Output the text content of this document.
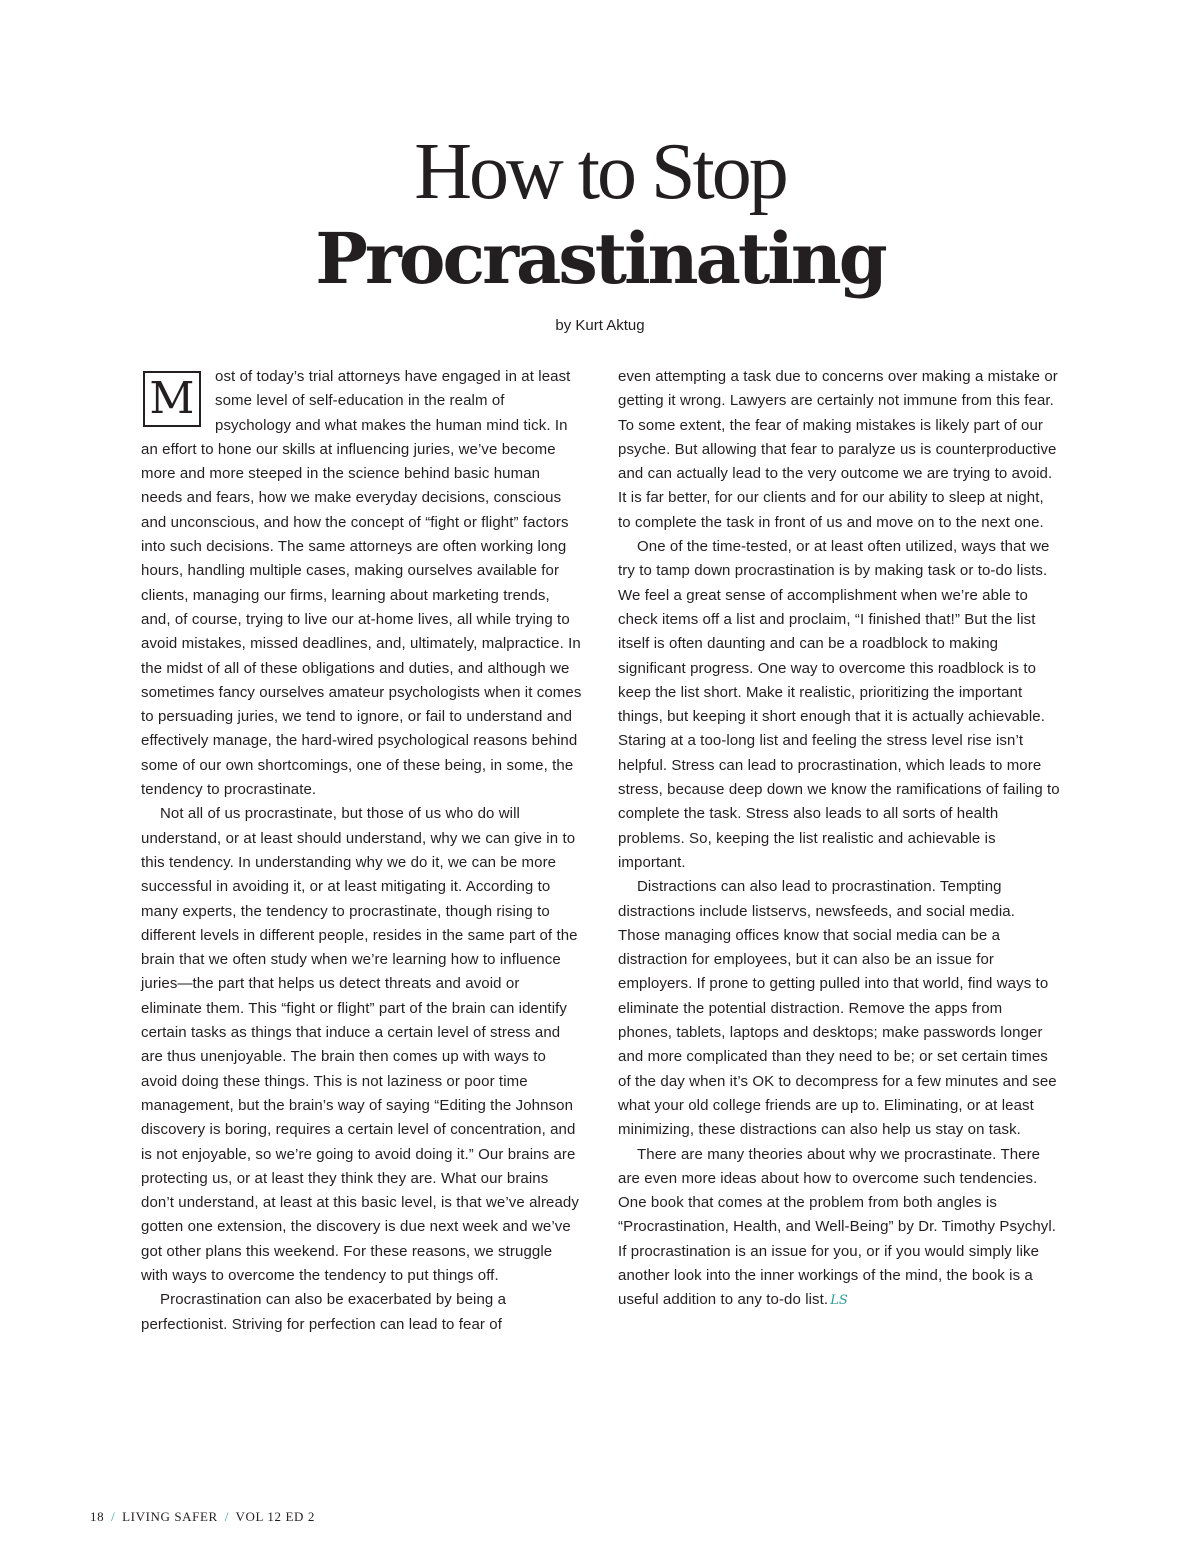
How to Stop
Procrastinating
by Kurt Aktug

M	ost of today’s trial attorneys have engaged in at least some level of self-education in the realm of psychology and what makes the human mind tick. In an effort to hone our skills at influencing juries, we’ve become more and more steeped in the science behind basic human needs and fears, how we make everyday decisions, conscious and unconscious, and how the concept of “fight or flight” factors into such decisions. The same attorneys are often working long hours, handling multiple cases, making ourselves available for clients, managing our firms, learning about marketing trends, and, of course, trying to live our at-home lives, all while trying to avoid mistakes, missed deadlines, and, ultimately, malpractice. In the midst of all of these obligations and duties, and although we sometimes fancy ourselves amateur psychologists when it comes to persuading juries, we tend to ignore, or fail to understand and effectively manage, the hard-wired psychological reasons behind some of our own shortcomings, one of these being, in some, the tendency to procrastinate.

Not all of us procrastinate, but those of us who do will understand, or at least should understand, why we can give in to this tendency. In understanding why we do it, we can be more successful in avoiding it, or at least mitigating it. According to many experts, the tendency to procrastinate, though rising to different levels in different people, resides in the same part of the brain that we often study when we’re learning how to influence juries—the part that helps us detect threats and avoid or eliminate them. This “fight or flight” part of the brain can identify certain tasks as things that induce a certain level of stress and are thus unenjoyable. The brain then comes up with ways to avoid doing these things. This is not laziness or poor time management, but the brain’s way of saying “Editing the Johnson discovery is boring, requires a certain level of concentration, and is not enjoyable, so we’re going to avoid doing it.” Our brains are protecting us, or at least they think they are. What our brains don’t understand, at least at this basic level, is that we’ve already gotten one extension, the discovery is due next week and we’ve got other plans this weekend. For these reasons, we struggle with ways to overcome the tendency to put things off.

Procrastination can also be exacerbated by being a perfectionist. Striving for perfection can lead to fear of

even attempting a task due to concerns over making a mistake or getting it wrong. Lawyers are certainly not immune from this fear. To some extent, the fear of making mistakes is likely part of our psyche. But allowing that fear to paralyze us is counterproductive and can actually lead to the very outcome we are trying to avoid. It is far better, for our clients and for our ability to sleep at night, to complete the task in front of us and move on to the next one.

One of the time-tested, or at least often utilized, ways that we try to tamp down procrastination is by making task or to-do lists. We feel a great sense of accomplishment when we’re able to check items off a list and proclaim, “I finished that!” But the list itself is often daunting and can be a roadblock to making significant progress. One way to overcome this roadblock is to keep the list short. Make it realistic, prioritizing the important things, but keeping it short enough that it is actually achievable. Staring at a too-long list and feeling the stress level rise isn’t helpful. Stress can lead to procrastination, which leads to more stress, because deep down we know the ramifications of failing to complete the task. Stress also leads to all sorts of health problems. So, keeping the list realistic and achievable is important.

Distractions can also lead to procrastination. Tempting distractions include listservs, newsfeeds, and social media. Those managing offices know that social media can be a distraction for employees, but it can also be an issue for employers. If prone to getting pulled into that world, find ways to eliminate the potential distraction. Remove the apps from phones, tablets, laptops and desktops; make passwords longer and more complicated than they need to be; or set certain times of the day when it’s OK to decompress for a few minutes and see what your old college friends are up to. Eliminating, or at least minimizing, these distractions can also help us stay on task.

There are many theories about why we procrastinate. There are even more ideas about how to overcome such tendencies. One book that comes at the problem from both angles is “Procrastination, Health, and Well-Being” by Dr. Timothy Psychyl. If procrastination is an issue for you, or if you would simply like another look into the inner workings of the mind, the book is a useful addition to any to-do list. LS

18 / LIVING SAFER / VOL 12 ED 2
